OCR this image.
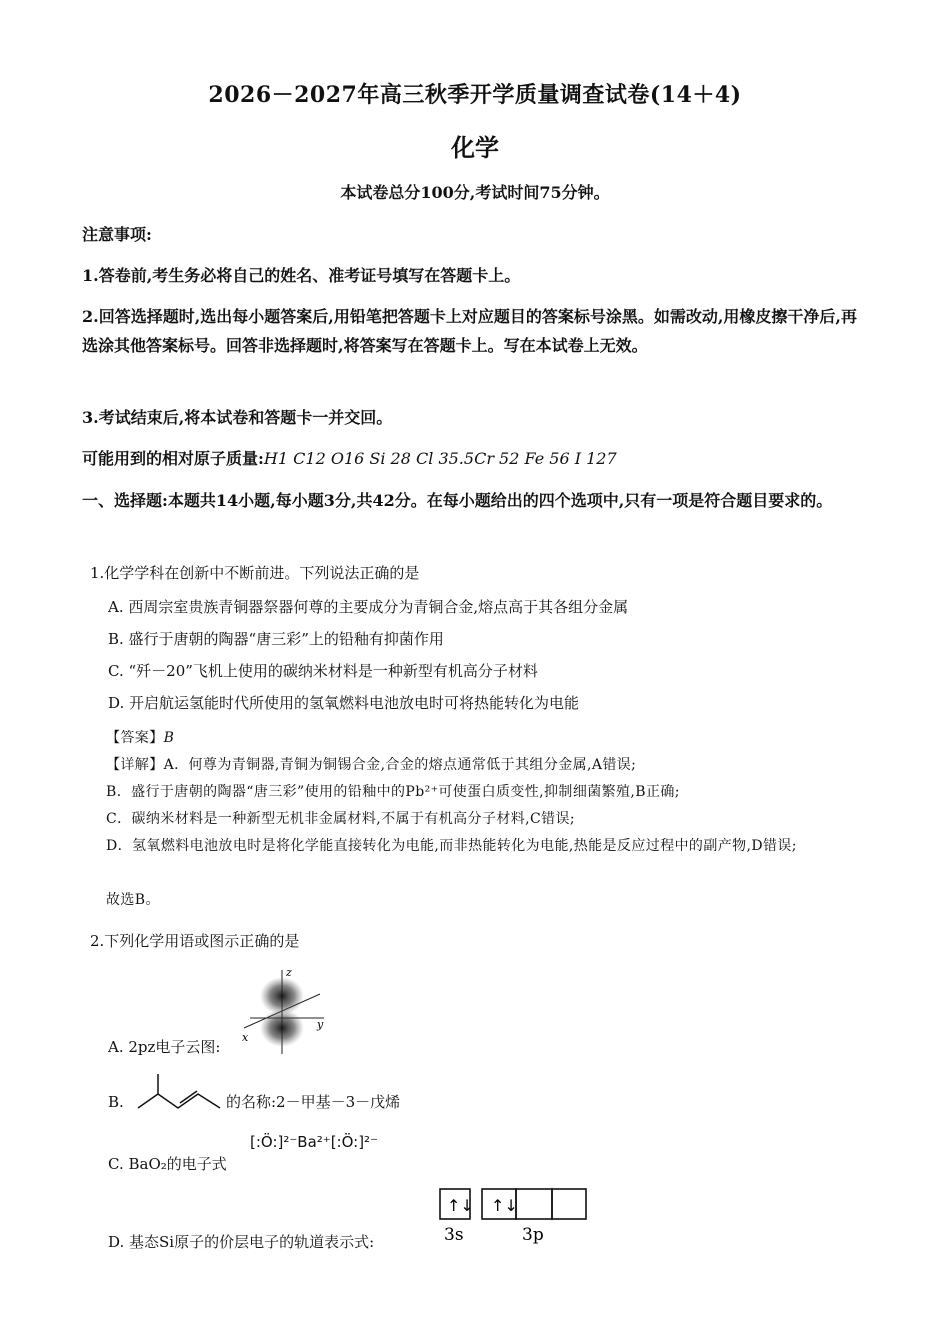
2026－2027年高三秋季开学质量调查试卷(14＋4)
化学
本试卷总分100分,考试时间75分钟。
注意事项:
1.答卷前,考生务必将自己的姓名、准考证号填写在答题卡上。
2.回答选择题时,选出每小题答案后,用铅笔把答题卡上对应题目的答案标号涂黑。如需改动,用橡皮擦干净后,再选涂其他答案标号。回答非选择题时,将答案写在答题卡上。写在本试卷上无效。
3.考试结束后,将本试卷和答题卡一并交回。
可能用到的相对原子质量:H1 C12 O16 Si 28 Cl 35.5Cr 52 Fe 56 I 127
一、选择题:本题共14小题,每小题3分,共42分。在每小题给出的四个选项中,只有一项是符合题目要求的。
1.化学学科在创新中不断前进。下列说法正确的是
A. 西周宗室贵族青铜器祭器何尊的主要成分为青铜合金,熔点高于其各组分金属
B. 盛行于唐朝的陶器“唐三彩”上的铅釉有抑菌作用
C. “歼－20”飞机上使用的碳纳米材料是一种新型有机高分子材料
D. 开启航运氢能时代所使用的氢氧燃料电池放电时可将热能转化为电能
【答案】B
【详解】A．何尊为青铜器,青铜为铜锡合金,合金的熔点通常低于其组分金属,A错误;
B．盛行于唐朝的陶器“唐三彩”使用的铅釉中的Pb²⁺可使蛋白质变性,抑制细菌繁殖,B正确;
C．碳纳米材料是一种新型无机非金属材料,不属于有机高分子材料,C错误;
D．氢氧燃料电池放电时是将化学能直接转化为电能,而非热能转化为电能,热能是反应过程中的副产物,D错误;
故选B。
2.下列化学用语或图示正确的是
z
y
x
A. 2pz电子云图:
B.	的名称:2－甲基－3－戊烯
C. BaO₂的电子式
[:Ö:]²⁻Ba²⁺[:Ö:]²⁻
D. 基态Si原子的价层电子的轨道表示式:
↑↓ ↑↓
3s	3p
